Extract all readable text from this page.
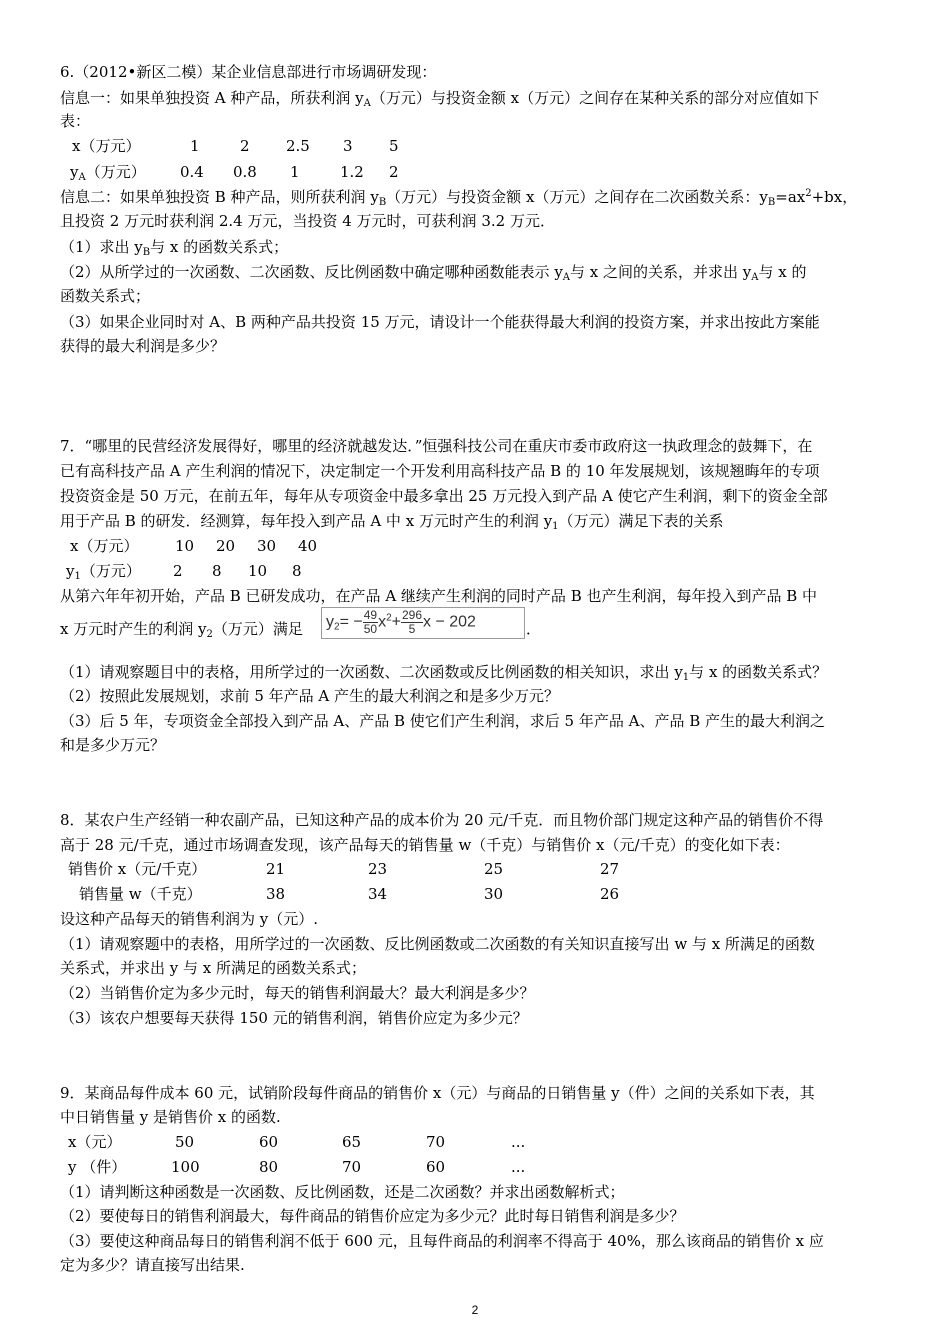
6.（2012•新区二模）某企业信息部进行市场调研发现：
信息一：如果单独投资 A 种产品，所获利润 $y_A$（万元）与投资金额 x（万元）之间存在某种关系的部分对应值如下
表：
x（万元）	1	2 2.5 3 5
$y_A$（万元） 0.4 0.8 1	1.2 2
信息二：如果单独投资 B 种产品，则所获利润 $y_B$（万元）与投资金额 x（万元）之间存在二次函数关系：$y_B=ax^2+bx$，
且投资 2 万元时获利润 2.4 万元，当投资 4 万元时，可获利润 3.2 万元．
（1）求出 $y_B$与 x 的函数关系式；
（2）从所学过的一次函数、二次函数、反比例函数中确定哪种函数能表示 $y_A$与 x 之间的关系，并求出 $y_A$与 x 的
函数关系式；
（3）如果企业同时对 A、B 两种产品共投资 15 万元，请设计一个能获得最大利润的投资方案，并求出按此方案能
获得的最大利润是多少？
7．“哪里的民营经济发展得好，哪里的经济就越发达．”恒强科技公司在重庆市委市政府这一执政理念的鼓舞下，在
已有高科技产品 A 产生利润的情况下，决定制定一个开发利用高科技产品 B 的 10 年发展规划，该规翘晦年的专项
投资资金是 50 万元，在前五年，每年从专项资金中最多拿出 25 万元投入到产品 A 使它产生利润，剩下的资金全部
用于产品 B 的研发．经测算，每年投入到产品 A 中 x 万元时产生的利润 $y_1$（万元）满足下表的关系
x（万元） 10 20 30 40
$y_1$（万元） 2 8 10 8
从第六年年初开始，产品 B 已研发成功，在产品 A 继续产生利润的同时产品 B 也产生利润，每年投入到产品 B 中
x 万元时产生的利润 $y_2$（万元）满足 $y_2= - \frac{49}{50} x^2+ \frac{296}{5}$ x − 202	．
（1）请观察题目中的表格，用所学过的一次函数、二次函数或反比例函数的相关知识，求出 $y_1$与 x 的函数关系式？
（2）按照此发展规划，求前 5 年产品 A 产生的最大利润之和是多少万元？
（3）后 5 年，专项资金全部投入到产品 A、产品 B 使它们产生利润，求后 5 年产品 A、产品 B 产生的最大利润之
和是多少万元？
8．某农户生产经销一种农副产品，已知这种产品的成本价为 20 元/千克．而且物价部门规定这种产品的销售价不得
高于 28 元/千克，通过市场调查发现，该产品每天的销售量 w（千克）与销售价 x（元/千克）的变化如下表：
销售价 x（元/千克）	21	23	25	27
销售量 w（千克）	38	34	30	26
设这种产品每天的销售利润为 y（元）.
（1）请观察题中的表格，用所学过的一次函数、反比例函数或二次函数的有关知识直接写出 w 与 x 所满足的函数
关系式，并求出 y 与 x 所满足的函数关系式；
（2）当销售价定为多少元时，每天的销售利润最大？最大利润是多少？
（3）该农户想要每天获得 150 元的销售利润，销售价应定为多少元？
9．某商品每件成本 60 元，试销阶段每件商品的销售价 x（元）与商品的日销售量 y（件）之间的关系如下表，其
中日销售量 y 是销售价 x 的函数.
x（元）	50	60	65	70	...
y （件）	100	80	70	60	...
（1）请判断这种函数是一次函数、反比例函数，还是二次函数？并求出函数解析式；
（2）要使每日的销售利润最大，每件商品的销售价应定为多少元？此时每日销售利润是多少？
（3）要使这种商品每日的销售利润不低于 600 元，且每件商品的利润率不得高于 40%，那么该商品的销售价 x 应
定为多少？请直接写出结果.
2
